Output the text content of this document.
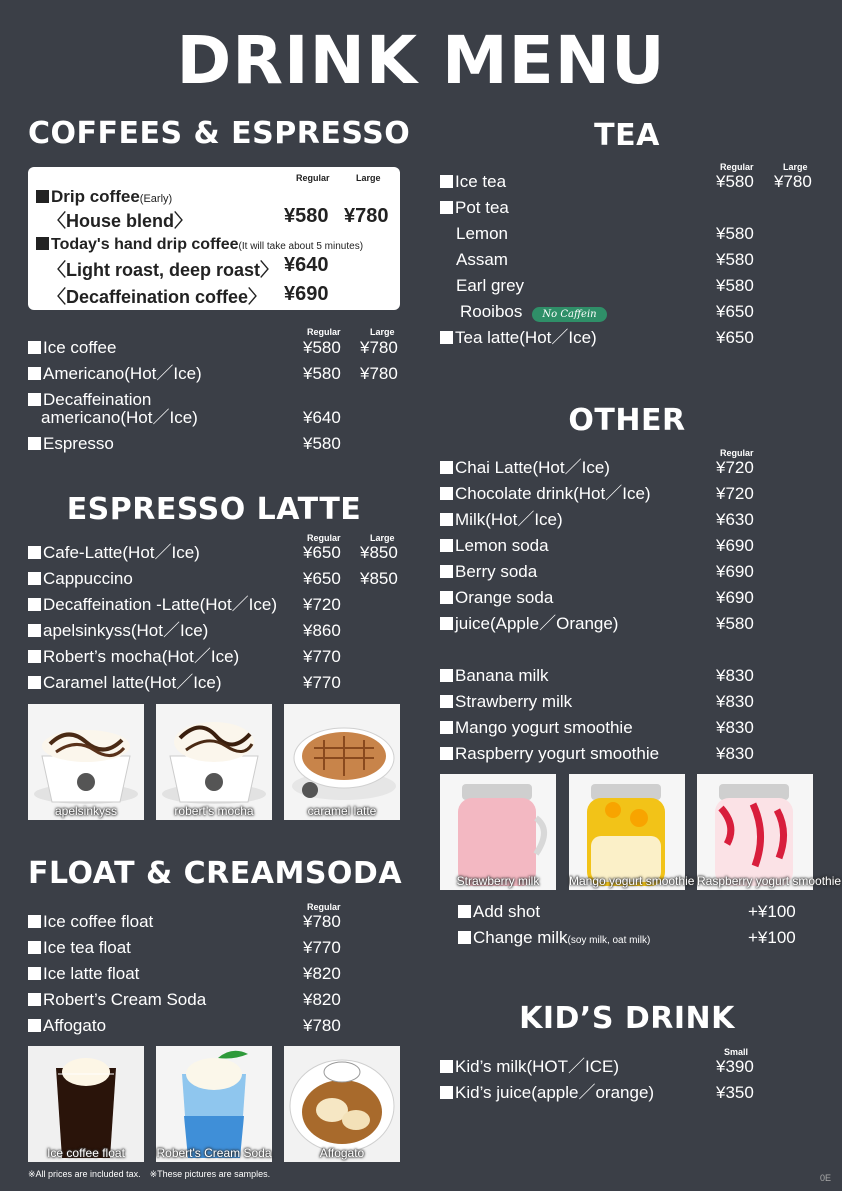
DRINK MENU
COFFEES & ESPRESSO
Regular	Large
Drip coffee(Early)
〈House blend〉	¥580 ¥780
Today's hand drip coffee(It will take about 5 minutes)
〈Light roast, deep roast〉 ¥640
〈Decaffeination coffee〉 ¥690
Regular	Large
Ice coffee	¥580 ¥780
Americano(Hot／Ice)	¥580 ¥780
Decaffeination
americano(Hot／Ice)	¥640
Espresso	¥580
ESPRESSO LATTE
Regular	Large
Cafe-Latte(Hot／Ice)	¥650 ¥850
Cappuccino	¥650 ¥850
Decaffeination -Latte(Hot／Ice) ¥720
apelsinkyss(Hot／Ice)	¥860
Robert’s mocha(Hot／Ice)	¥770
Caramel latte(Hot／Ice)	¥770
apelsinkyss	robert’s mocha	caramel latte
FLOAT & CREAMSODA
Regular
Ice coffee float	¥780
Ice tea float	¥770
Ice latte float	¥820
Robert’s Cream Soda	¥820
Affogato	¥780
Ice coffee float	Robert's Cream Soda	Affogato
※All prices are included tax.　※These pictures are samples.
TEA
Regular	Large
Ice tea	¥580 ¥780
Pot tea
Lemon	¥580
Assam	¥580
Earl grey	¥580
Rooibos No Caffein	¥650
Tea latte(Hot／Ice)	¥650
OTHER
Regular
Chai Latte(Hot／Ice)	¥720
Chocolate drink(Hot／Ice)	¥720
Milk(Hot／Ice)	¥630
Lemon soda	¥690
Berry soda	¥690
Orange soda	¥690
juice(Apple／Orange)	¥580
Banana milk	¥830
Strawberry milk	¥830
Mango yogurt smoothie	¥830
Raspberry yogurt smoothie	¥830
Strawberry milk	Mango yogurt smoothie Raspberry yogurt smoothie
Add shot	+¥100
Change milk(soy milk, oat milk)	+¥100
KID’S DRINK
Small
Kid’s milk(HOT／ICE)	¥390
Kid’s juice(apple／orange)	¥350
0E
